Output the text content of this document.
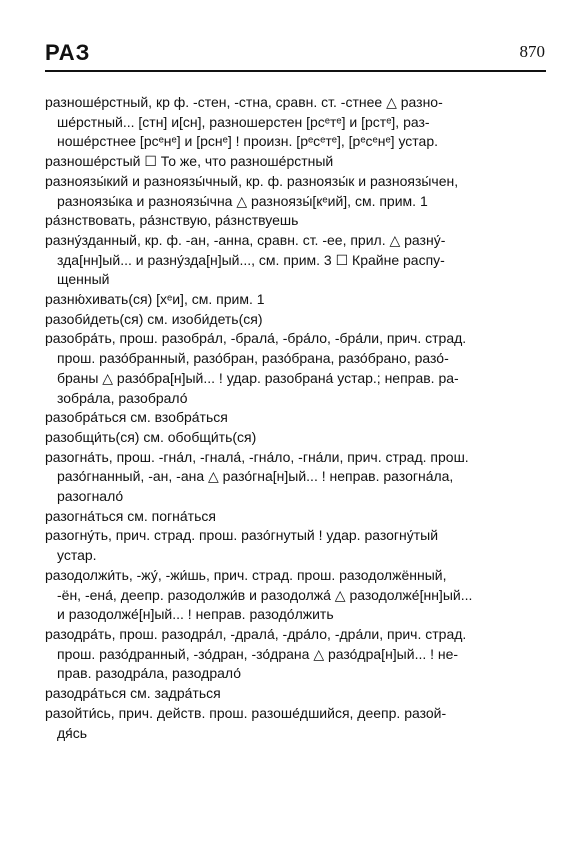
РАЗ	870
разноше́рстный, кр ф. -стен, -стна, сравн. ст. -стнее △ разно-
ше́рстный... [стн] и[сн], разношерстен [рсᵉтᵉ] и [рстᵉ], раз-
ноше́рстнее [рсᵉнᵉ] и [рснᵉ] ! произн. [рᵉсᵉтᵉ], [рᵉсᵉнᵉ] устар.
разноше́рстый ☐ То же, что разноше́рстный
разноязы́кий и разноязы́чный, кр. ф. разноязы́к и разноязы́чен,
разноязы́ка и разноязы́чна △ разноязы́[кᵉий], см. прим. 1
ра́знствовать, ра́знствую, ра́знствуешь
разну́зданный, кр. ф. -ан, -анна, сравн. ст. -ее, прил. △ разну́-
зда[нн]ый... и разну́зда[н]ый..., см. прим. 3 ☐ Крайне распу-
щенный
разню́хивать(ся) [хᵉи], см. прим. 1
разоби́деть(ся) см. изоби́деть(ся)
разобра́ть, прош. разобра́л, -брала́, -бра́ло, -бра́ли, прич. страд.
прош. разо́бранный, разо́бран, разо́брана, разо́брано, разо́-
браны △ разо́бра[н]ый... ! удар. разобрана́ устар.; неправ. ра-
зобра́ла, разобрало́
разобра́ться см. взобра́ться
разобщи́ть(ся) см. обобщи́ть(ся)
разогна́ть, прош. -гна́л, -гнала́, -гна́ло, -гна́ли, прич. страд. прош.
разо́гнанный, -ан, -ана △ разо́гна[н]ый... ! неправ. разогна́ла,
разогнало́
разогна́ться см. погна́ться
разогну́ть, прич. страд. прош. разо́гнутый ! удар. разогну́тый
устар.
разодолжи́ть, -жу́, -жи́шь, прич. страд. прош. разодолжённый,
-ён, -ена́, деепр. разодолжи́в и разодолжа́ △ разодолже́[нн]ый...
и разодолже́[н]ый... ! неправ. разодо́лжить
разодра́ть, прош. разодра́л, -драла́, -дра́ло, -дра́ли, прич. страд.
прош. разо́дранный, -зо́дран, -зо́драна △ разо́дра[н]ый... ! не-
прав. разодра́ла, разодрало́
разодра́ться см. задра́ться
разойти́сь, прич. действ. прош. разоше́дшийся, деепр. разой-
дя́сь
